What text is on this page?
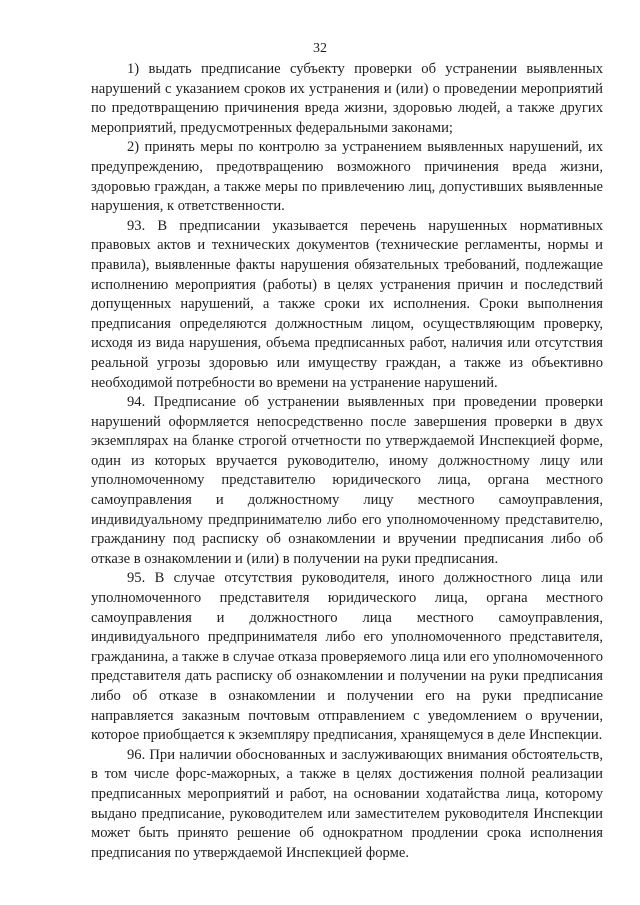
32

1) выдать предписание субъекту проверки об устранении выявленных нарушений с указанием сроков их устранения и (или) о проведении мероприятий по предотвращению причинения вреда жизни, здоровью людей, а также других мероприятий, предусмотренных федеральными законами;

2) принять меры по контролю за устранением выявленных нарушений, их предупреждению, предотвращению возможного причинения вреда жизни, здоровью граждан, а также меры по привлечению лиц, допустивших выявленные нарушения, к ответственности.

93. В предписании указывается перечень нарушенных нормативных правовых актов и технических документов (технические регламенты, нормы и правила), выявленные факты нарушения обязательных требований, подлежащие исполнению мероприятия (работы) в целях устранения причин и последствий допущенных нарушений, а также сроки их исполнения. Сроки выполнения предписания определяются должностным лицом, осуществляющим проверку, исходя из вида нарушения, объема предписанных работ, наличия или отсутствия реальной угрозы здоровью или имуществу граждан, а также из объективно необходимой потребности во времени на устранение нарушений.

94. Предписание об устранении выявленных при проведении проверки нарушений оформляется непосредственно после завершения проверки в двух экземплярах на бланке строгой отчетности по утверждаемой Инспекцией форме, один из которых вручается руководителю, иному должностному лицу или уполномоченному представителю юридического лица, органа местного самоуправления и должностному лицу местного самоуправления, индивидуальному предпринимателю либо его уполномоченному представителю, гражданину под расписку об ознакомлении и вручении предписания либо об отказе в ознакомлении и (или) в получении на руки предписания.

95. В случае отсутствия руководителя, иного должностного лица или уполномоченного представителя юридического лица, органа местного самоуправления и должностного лица местного самоуправления, индивидуального предпринимателя либо его уполномоченного представителя, гражданина, а также в случае отказа проверяемого лица или его уполномоченного представителя дать расписку об ознакомлении и получении на руки предписания либо об отказе в ознакомлении и получении его на руки предписание направляется заказным почтовым отправлением с уведомлением о вручении, которое приобщается к экземпляру предписания, хранящемуся в деле Инспекции.

96. При наличии обоснованных и заслуживающих внимания обстоятельств, в том числе форс-мажорных, а также в целях достижения полной реализации предписанных мероприятий и работ, на основании ходатайства лица, которому выдано предписание, руководителем или заместителем руководителя Инспекции может быть принято решение об однократном продлении срока исполнения предписания по утверждаемой Инспекцией форме.
